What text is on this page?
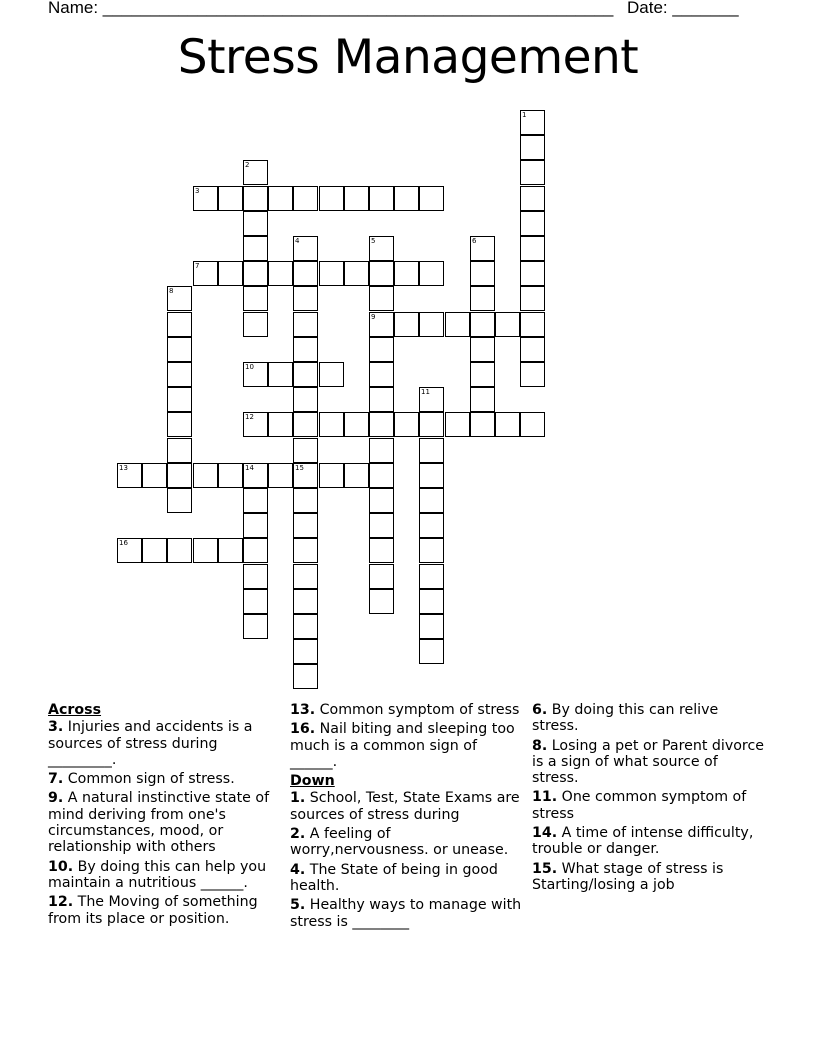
Name: ______________________________________________________ Date: _______
Stress Management
1
2
3
4
15
5
9
6
7
8
10
11
12
13	14
16
Across
3. Injuries and accidents is a sources of stress during _________.
7. Common sign of stress.
9. A natural instinctive state of mind deriving from one's circumstances, mood, or relationship with others
10. By doing this can help you maintain a nutritious ______.
12. The Moving of something from its place or position.
13. Common symptom of stress
16. Nail biting and sleeping too much is a common sign of ______.
Down
1. School, Test, State Exams are sources of stress during
2. A feeling of worry,nervousness. or unease.
4. The State of being in good health.
5. Healthy ways to manage with stress is ________
6. By doing this can relive stress.
8. Losing a pet or Parent divorce is a sign of what source of stress.
11. One common symptom of stress
14. A time of intense difficulty, trouble or danger.
15. What stage of stress is Starting/losing a job
